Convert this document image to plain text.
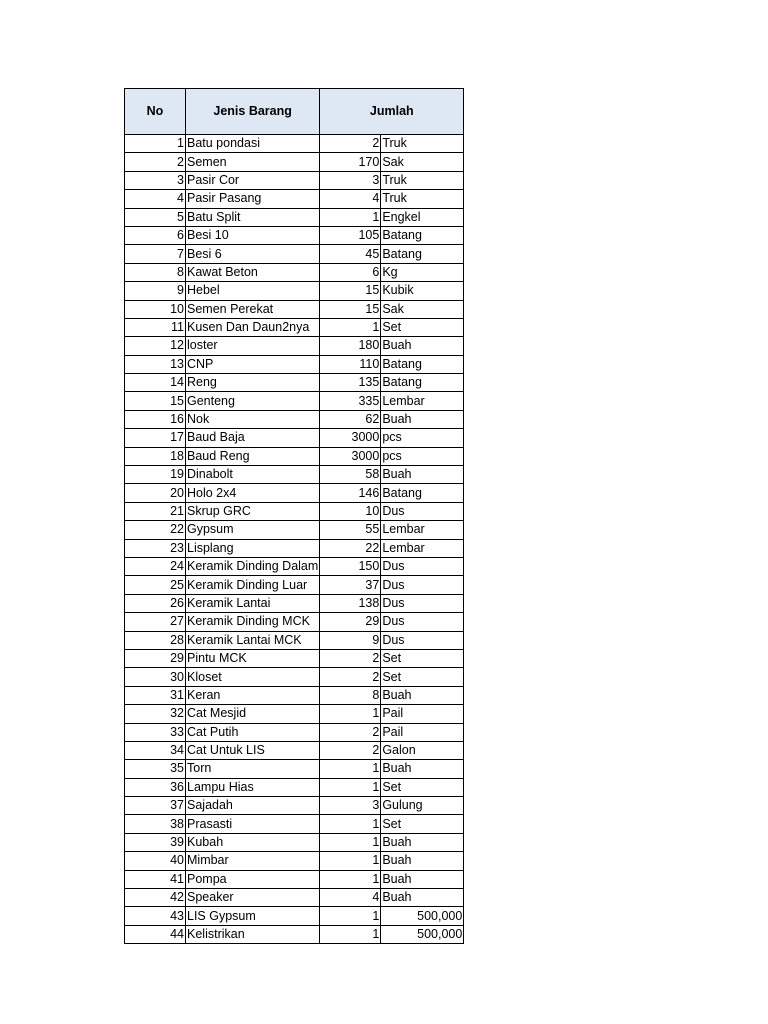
No	Jenis Barang	Jumlah	
1	Batu pondasi	2	Truk
2	Semen	170	Sak
3	Pasir Cor	3	Truk
4	Pasir Pasang	4	Truk
5	Batu Split	1	Engkel
6	Besi 10	105	Batang
7	Besi 6	45	Batang
8	Kawat Beton	6	Kg
9	Hebel	15	Kubik
10	Semen Perekat	15	Sak
11	Kusen Dan Daun2nya	1	Set
12	loster	180	Buah
13	CNP	110	Batang
14	Reng	135	Batang
15	Genteng	335	Lembar
16	Nok	62	Buah
17	Baud Baja	3000	pcs
18	Baud Reng	3000	pcs
19	Dinabolt	58	Buah
20	Holo 2x4	146	Batang
21	Skrup GRC	10	Dus
22	Gypsum	55	Lembar
23	Lisplang	22	Lembar
24	Keramik Dinding Dalam	150	Dus
25	Keramik Dinding Luar	37	Dus
26	Keramik Lantai	138	Dus
27	Keramik Dinding MCK	29	Dus
28	Keramik Lantai MCK	9	Dus
29	Pintu MCK	2	Set
30	Kloset	2	Set
31	Keran	8	Buah
32	Cat Mesjid	1	Pail
33	Cat Putih	2	Pail
34	Cat Untuk LIS	2	Galon
35	Torn	1	Buah
36	Lampu Hias	1	Set
37	Sajadah	3	Gulung
38	Prasasti	1	Set
39	Kubah	1	Buah
40	Mimbar	1	Buah
41	Pompa	1	Buah
42	Speaker	4	Buah
43	LIS Gypsum	1	500,000
44	Kelistrikan	1	500,000
